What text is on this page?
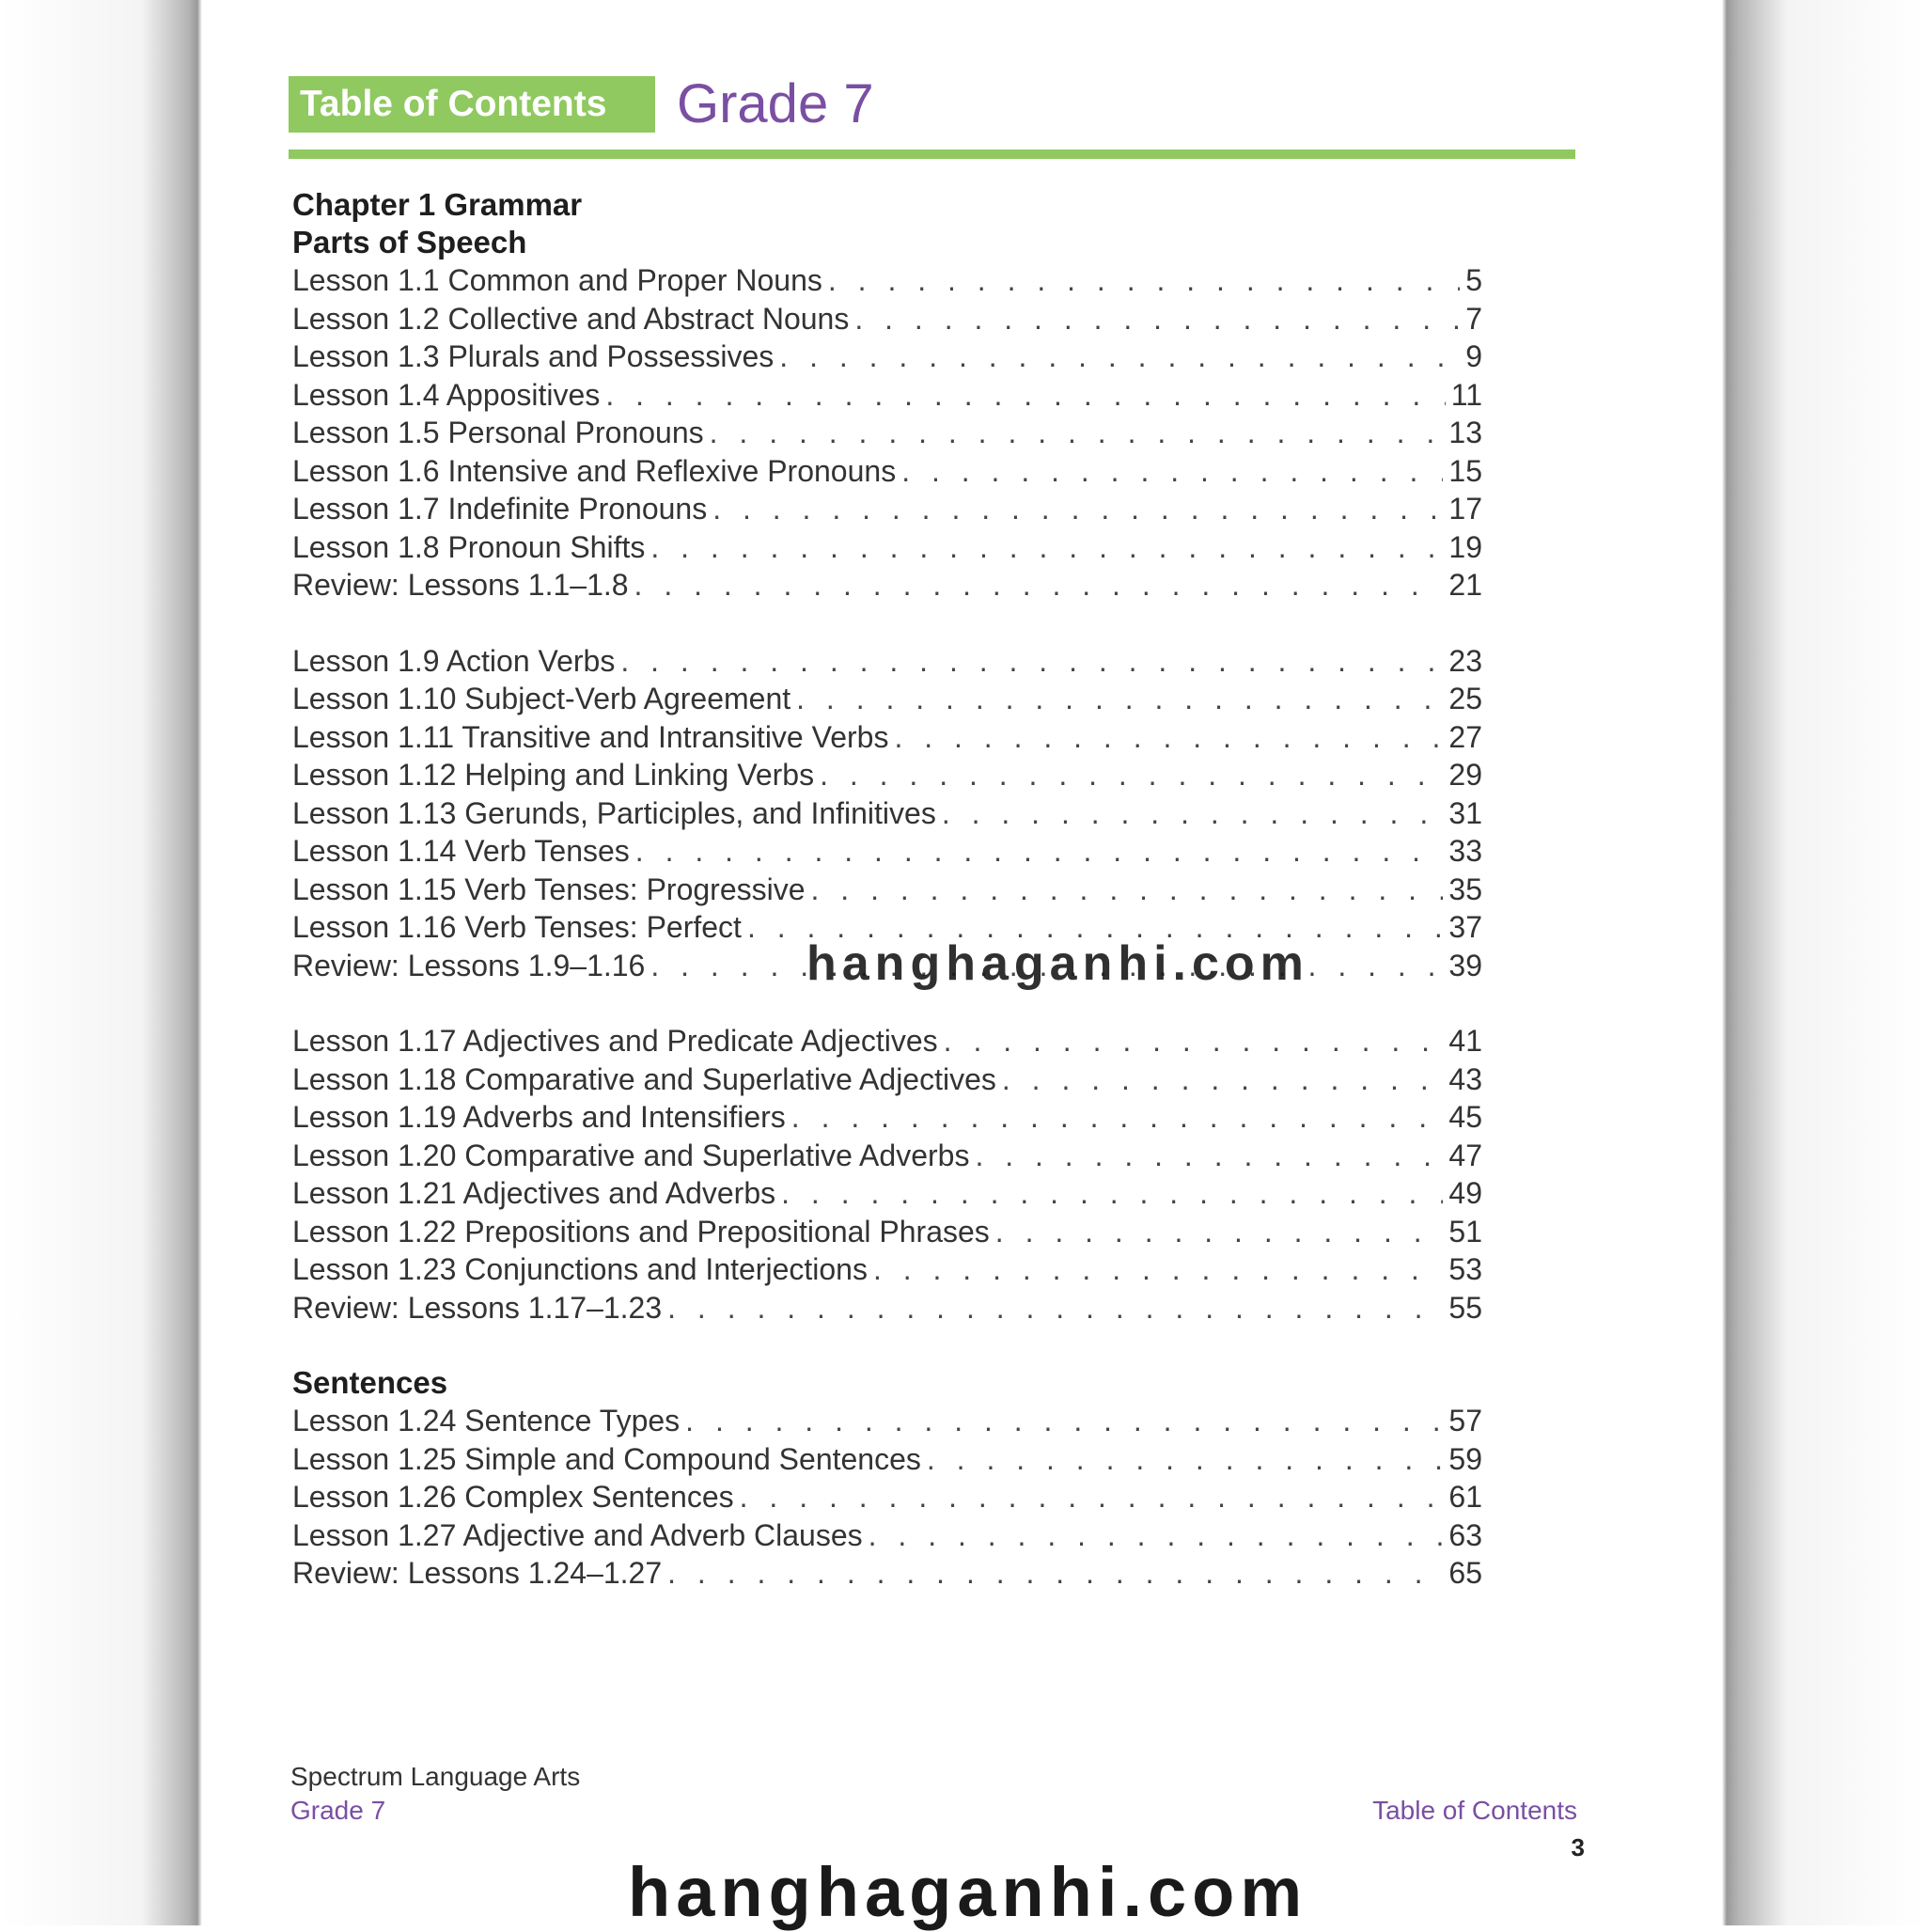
Table of Contents	Grade 7
Chapter 1 Grammar
Parts of Speech
Lesson 1.1 Common and Proper Nouns . . .	5
Lesson 1.2 Collective and Abstract Nouns . . .	7
Lesson 1.3 Plurals and Possessives . . .	9
Lesson 1.4 Appositives . . .	11
Lesson 1.5 Personal Pronouns . . .	13
Lesson 1.6 Intensive and Reflexive Pronouns . . .	15
Lesson 1.7 Indefinite Pronouns . . .	17
Lesson 1.8 Pronoun Shifts . . .	19
Review: Lessons 1.1–1.8 . . .	21
Lesson 1.9 Action Verbs . . .	23
Lesson 1.10 Subject-Verb Agreement . . .	25
Lesson 1.11 Transitive and Intransitive Verbs . . .	27
Lesson 1.12 Helping and Linking Verbs . . .	29
Lesson 1.13 Gerunds, Participles, and Infinitives . . .	31
Lesson 1.14 Verb Tenses . . .	33
Lesson 1.15 Verb Tenses: Progressive . . .	35
Lesson 1.16 Verb Tenses: Perfect . . .	37
Review: Lessons 1.9–1.16 . . .	39
Lesson 1.17 Adjectives and Predicate Adjectives . . .	41
Lesson 1.18 Comparative and Superlative Adjectives . . .	43
Lesson 1.19 Adverbs and Intensifiers . . .	45
Lesson 1.20 Comparative and Superlative Adverbs . . .	47
Lesson 1.21 Adjectives and Adverbs . . .	49
Lesson 1.22 Prepositions and Prepositional Phrases . . .	51
Lesson 1.23 Conjunctions and Interjections . . .	53
Review: Lessons 1.17–1.23 . . .	55
Sentences
Lesson 1.24 Sentence Types . . .	57
Lesson 1.25 Simple and Compound Sentences . . .	59
Lesson 1.26 Complex Sentences . . .	61
Lesson 1.27 Adjective and Adverb Clauses . . .	63
Review: Lessons 1.24–1.27 . . .	65
Spectrum Language Arts
Grade 7	Table of Contents
3
hanghaganhi.com
hanghaganhi.com
